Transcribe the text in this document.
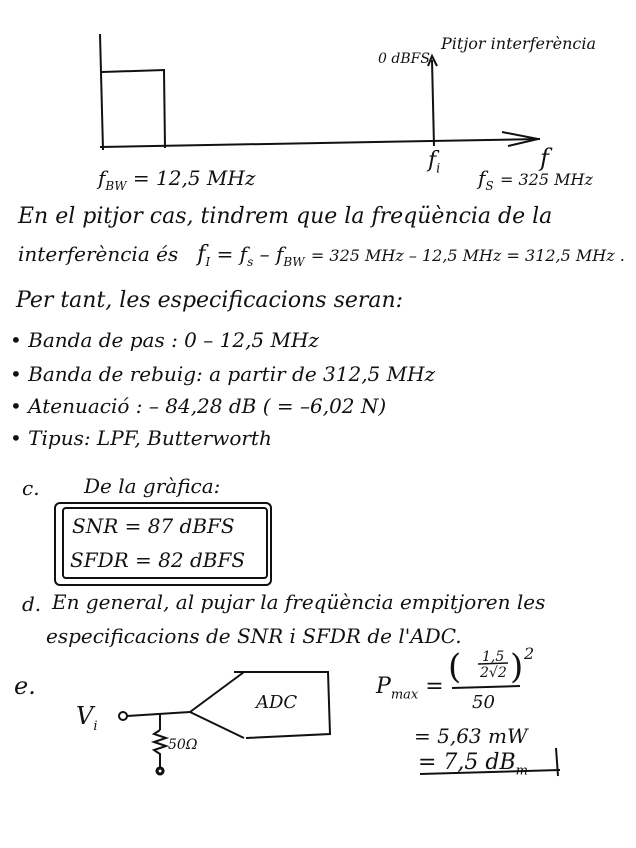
0 dBFS
Pitjor interferència
f
$f_i$
$f_{BW} = 12,5$ MHz	$f_S = 325$ MHz
En el pitjor cas, tindrem que la freqüència de la
interferència és $f_I = f_s - f_{BW} = 325$ MHz – 12,5 MHz = 312,5 MHz .
Per tant, les especificacions seran:
• Banda de pas : 0 – 12,5 MHz
• Banda de rebuig: a partir de 312,5 MHz
• Atenuació : – 84,28 dB ( = –6,02 N)
• Tipus: LPF, Butterworth
c. De la gràfica:
SNR = 87 dBFS
SFDR = 82 dBFS
d. En general, al pujar la freqüència empitjoren les
especificacions de SNR i SFDR de l'ADC.
e.
$V_i$
ADC
50Ω
$P_{max}$ = ( )
1,5
2√2
2
50
= 5,63 mW
= 7,5 $dB_m$
